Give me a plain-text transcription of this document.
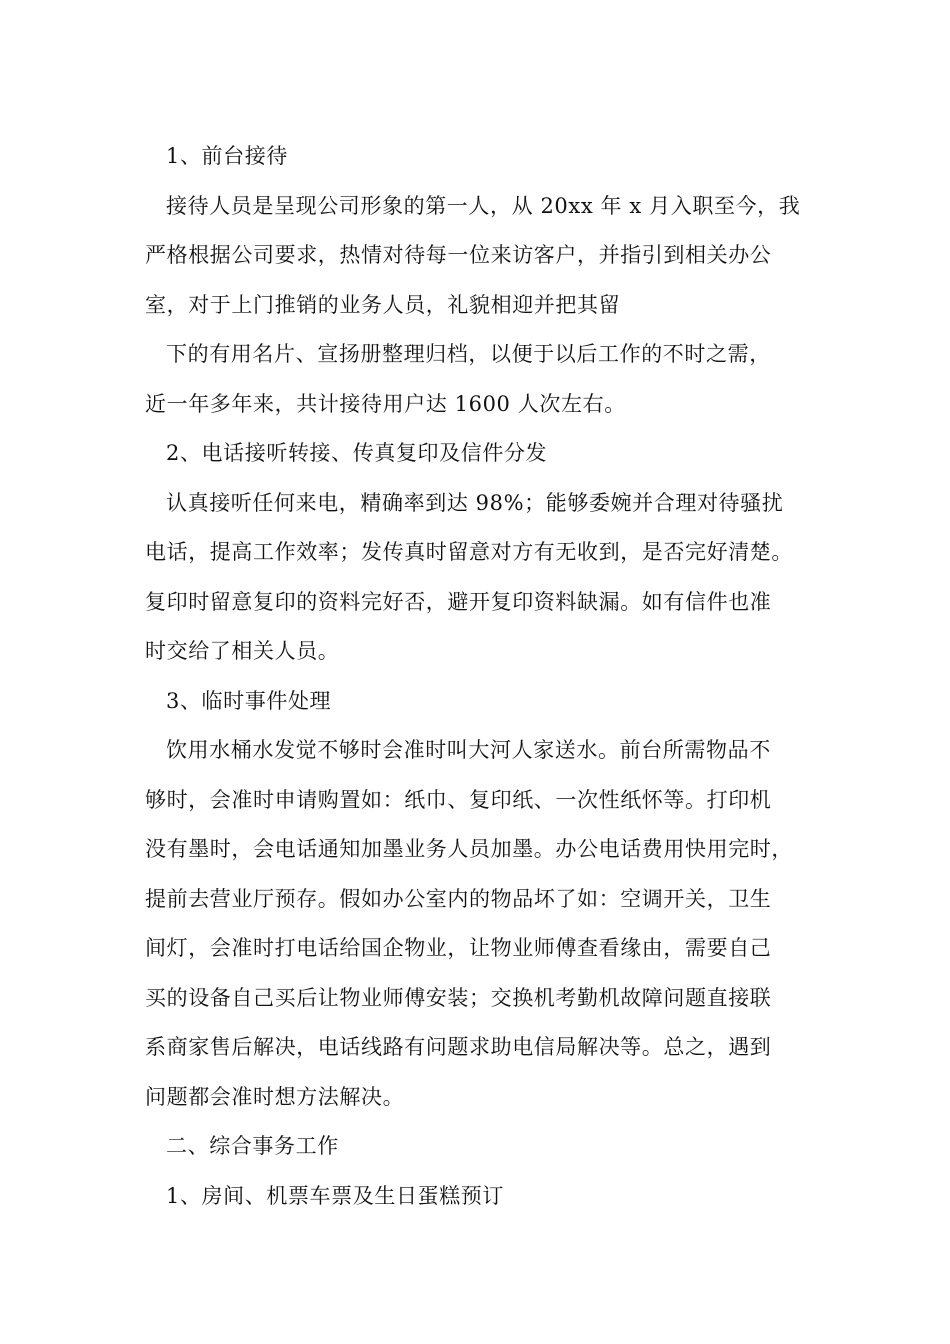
1、前台接待
接待人员是呈现公司形象的第一人，从 20xx 年 x 月入职至今，我
严格根据公司要求，热情对待每一位来访客户，并指引到相关办公
室，对于上门推销的业务人员，礼貌相迎并把其留
下的有用名片、宣扬册整理归档，以便于以后工作的不时之需，
近一年多年来，共计接待用户达 1600 人次左右。
2、电话接听转接、传真复印及信件分发
认真接听任何来电，精确率到达 98%；能够委婉并合理对待骚扰
电话，提高工作效率；发传真时留意对方有无收到，是否完好清楚。
复印时留意复印的资料完好否，避开复印资料缺漏。如有信件也准
时交给了相关人员。
3、临时事件处理
饮用水桶水发觉不够时会准时叫大河人家送水。前台所需物品不
够时，会准时申请购置如：纸巾、复印纸、一次性纸怀等。打印机
没有墨时，会电话通知加墨业务人员加墨。办公电话费用快用完时，
提前去营业厅预存。假如办公室内的物品坏了如：空调开关，卫生
间灯，会准时打电话给国企物业，让物业师傅查看缘由，需要自己
买的设备自己买后让物业师傅安装；交换机考勤机故障问题直接联
系商家售后解决，电话线路有问题求助电信局解决等。总之，遇到
问题都会准时想方法解决。
二、综合事务工作
1、房间、机票车票及生日蛋糕预订
